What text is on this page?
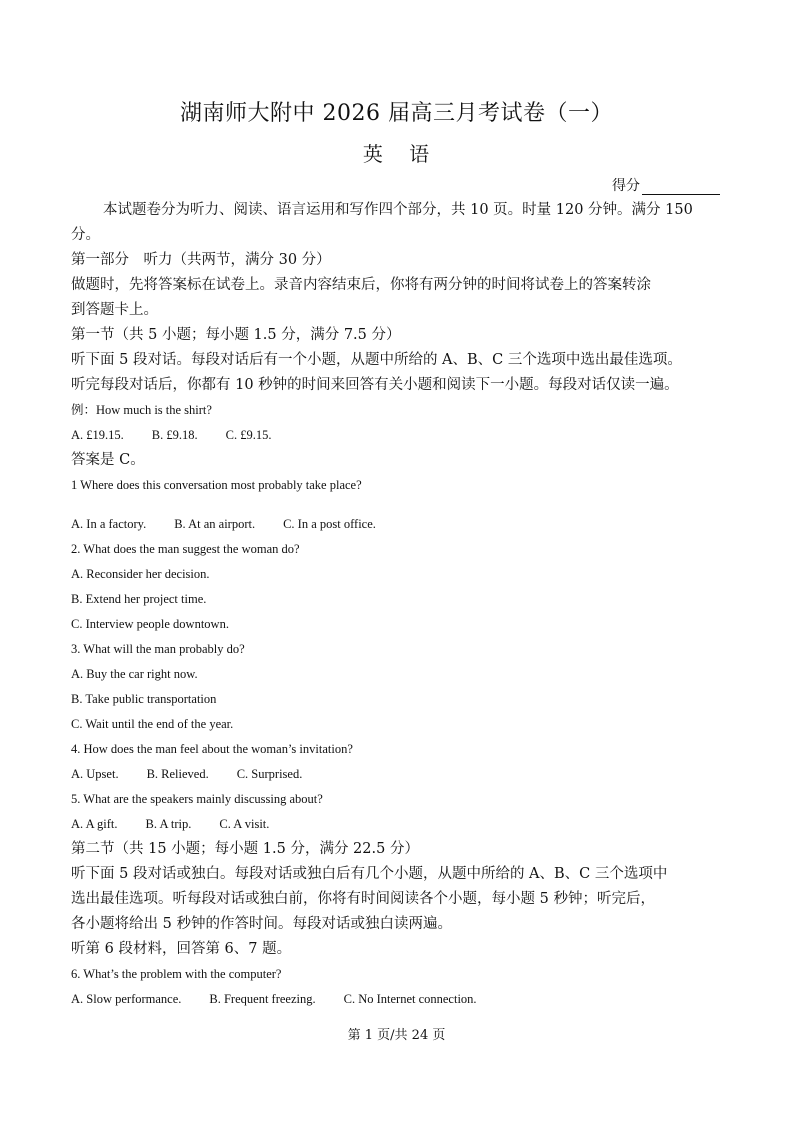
湖南师大附中 2026 届高三月考试卷（一）
英 语
得分

本试题卷分为听力、阅读、语言运用和写作四个部分，共 10 页。时量 120 分钟。满分 150

分。

第一部分　听力（共两节，满分 30 分）

做题时，先将答案标在试卷上。录音内容结束后，你将有两分钟的时间将试卷上的答案转涂

到答题卡上。

第一节（共 5 小题；每小题 1.5 分，满分 7.5 分）

听下面 5 段对话。每段对话后有一个小题，从题中所给的 A、B、C 三个选项中选出最佳选项。

听完每段对话后，你都有 10 秒钟的时间来回答有关小题和阅读下一小题。每段对话仅读一遍。

例：How much is the shirt?

A. £19.15. B. £9.18. C. £9.15.

答案是 C。

1 Where does this conversation most probably take place?

A. In a factory. B. At an airport. C. In a post office.

2. What does the man suggest the woman do?

A. Reconsider her decision.

B. Extend her project time.

C. Interview people downtown.

3. What will the man probably do?

A. Buy the car right now.

B. Take public transportation

C. Wait until the end of the year.

4. How does the man feel about the woman’s invitation?

A. Upset. B. Relieved. C. Surprised.

5. What are the speakers mainly discussing about?

A. A gift. B. A trip. C. A visit.

第二节（共 15 小题；每小题 1.5 分，满分 22.5 分）

听下面 5 段对话或独白。每段对话或独白后有几个小题，从题中所给的 A、B、C 三个选项中

选出最佳选项。听每段对话或独白前，你将有时间阅读各个小题，每小题 5 秒钟；听完后，

各小题将给出 5 秒钟的作答时间。每段对话或独白读两遍。

听第 6 段材料，回答第 6、7 题。

6. What’s the problem with the computer?

A. Slow performance. B. Frequent freezing. C. No Internet connection.
第 1 页/共 24 页
